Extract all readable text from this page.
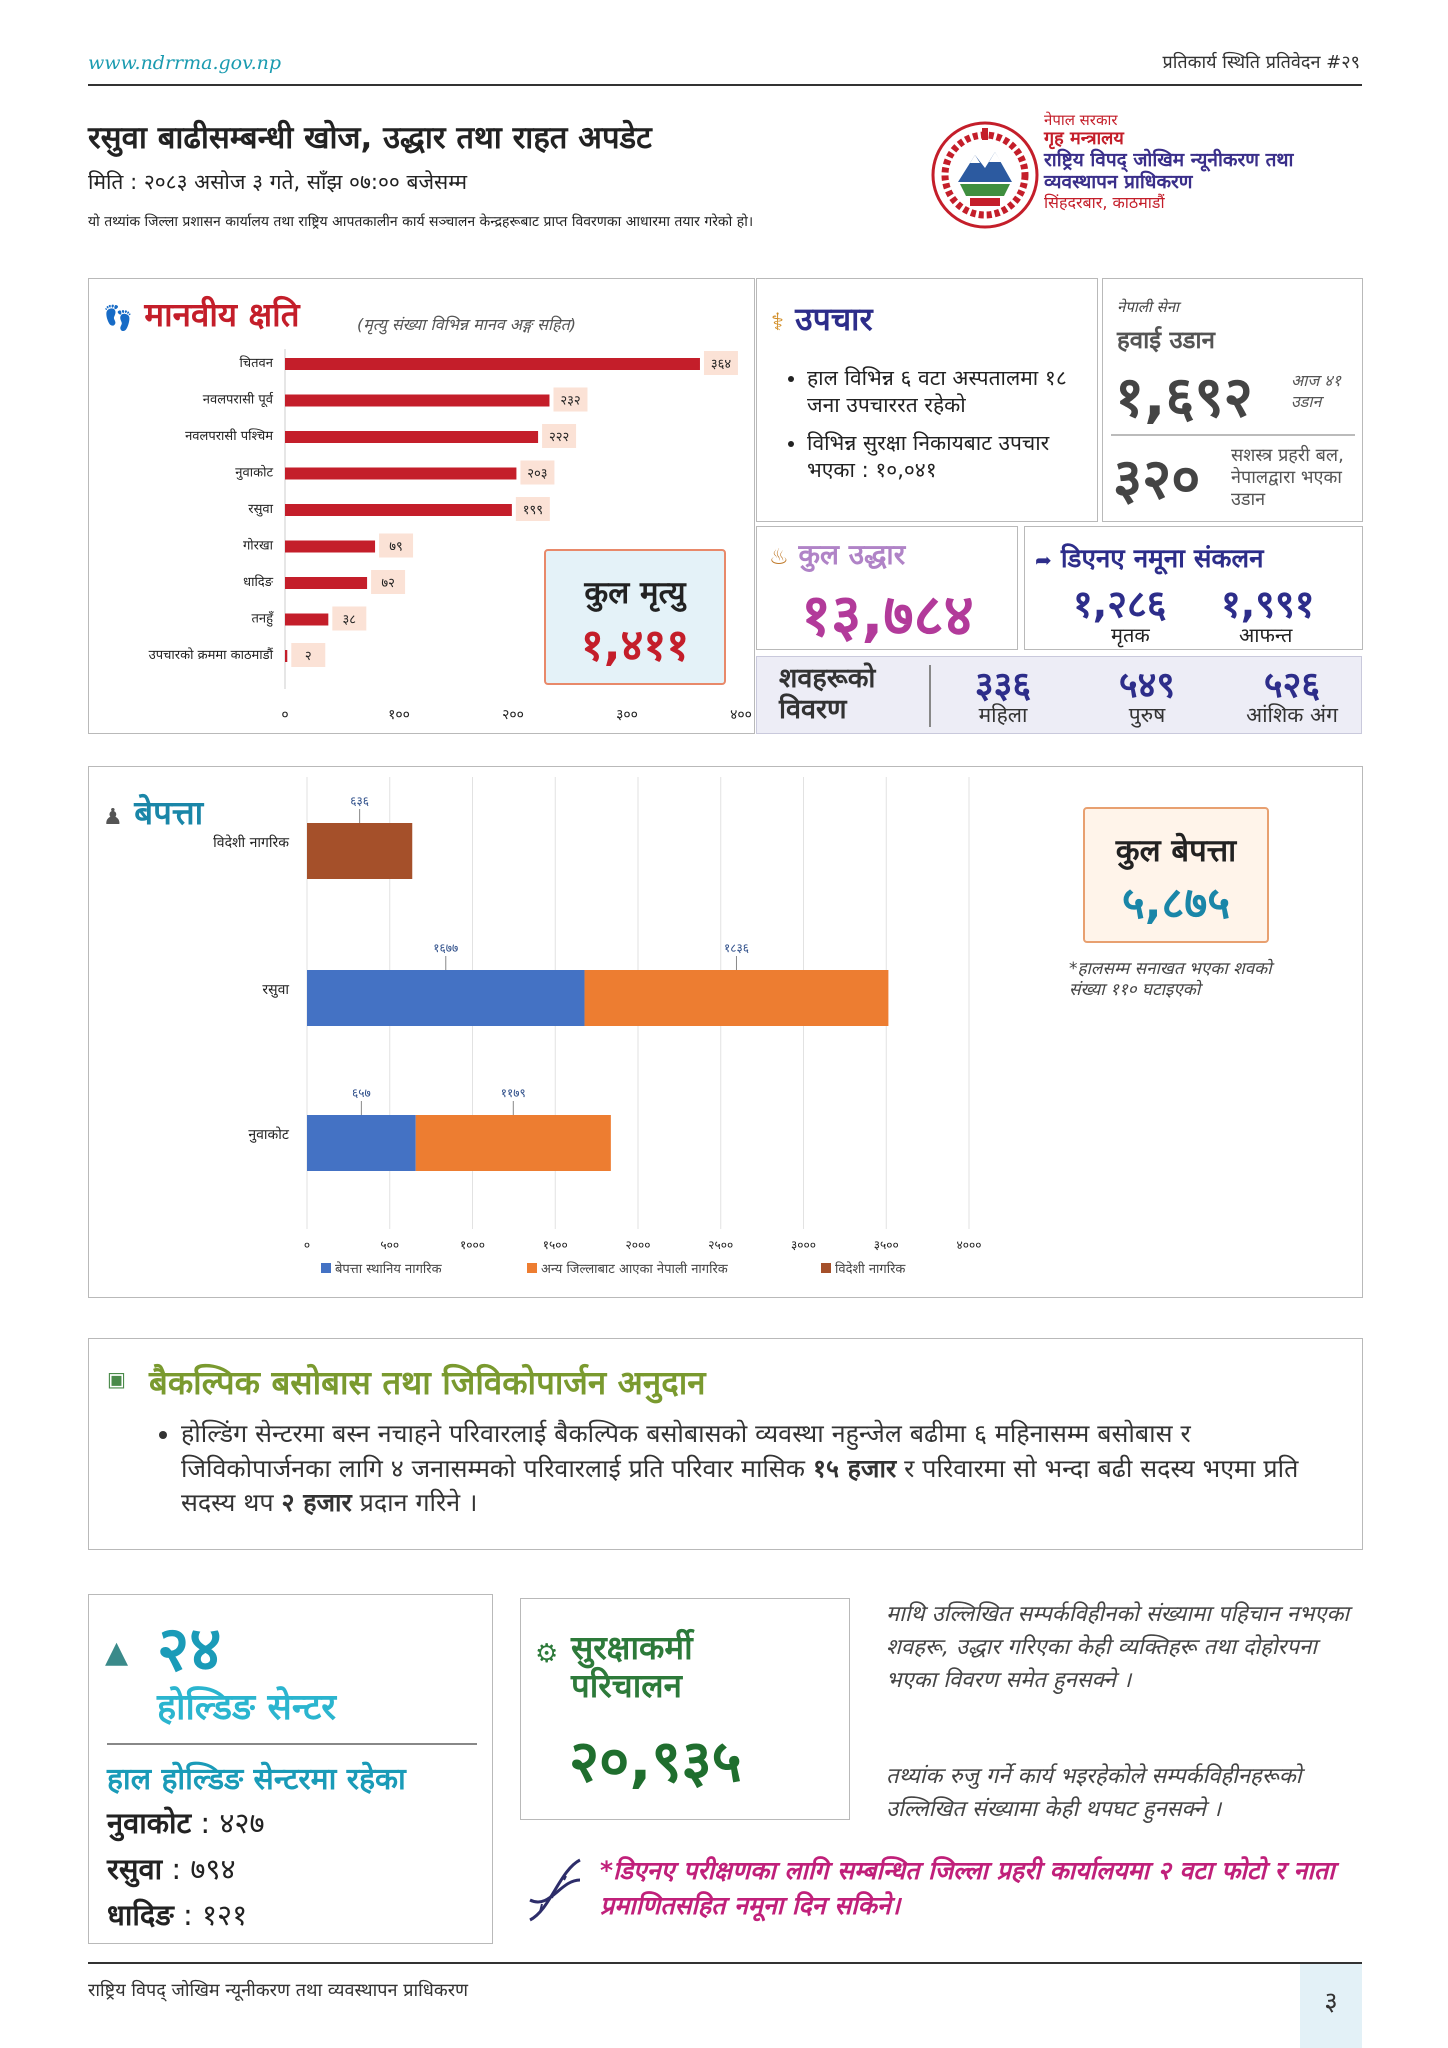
www.ndrrma.gov.np	प्रतिकार्य स्थिति प्रतिवेदन #२९
रसुवा बाढीसम्बन्धी खोज, उद्धार तथा राहत अपडेट
मिति : २०८३ असोज ३ गते, साँझ ०७:०० बजेसम्म
यो तथ्यांक जिल्ला प्रशासन कार्यालय तथा राष्ट्रिय आपतकालीन कार्य सञ्चालन केन्द्रहरूबाट प्राप्त विवरणका आधारमा तयार गरेको हो।
नेपाल सरकार
गृह मन्त्रालय
राष्ट्रिय विपद् जोखिम न्यूनीकरण तथा
व्यवस्थापन प्राधिकरण
सिंहदरबार, काठमाडौं
👣 मानवीय क्षति	(मृत्यु संख्या विभिन्न मानव अङ्ग सहित)
चितवन	३६४
नवलपरासी पूर्व	२३२
नवलपरासी पश्चिम	२२२
नुवाकोट	२०३
रसुवा	१९९
गोरखा	७९
धादिङ	७२
तनहुँ	३८
उपचारको क्रममा काठमाडौं २
०	१००	२००	३००	४००
कुल मृत्यु
१,४११
⚕ उपचार
• हाल विभिन्न ६ वटा अस्पतालमा १८ जना उपचाररत रहेको
• विभिन्न सुरक्षा निकायबाट उपचार भएका : १०,०४१
नेपाली सेना
हवाई उडान
१,६९२ आज ४१ उडान
३२० सशस्त्र प्रहरी बल, नेपालद्वारा भएका उडान
♨ कुल उद्धार
१३,७८४
➦ डिएनए नमूना संकलन
१,२८६
मृतक
१,९९१
आफन्त
शवहरूको
विवरण
३३६
महिला
५४९
पुरुष
५२६
आंशिक अंग
०	५००	१०००	१५००	२०००	२५००	३०००	३५००	४०००
विदेशी नागरिक
६३६
रसुवा
१६७७	१८३६
नुवाकोट
६५७	११७९
बेपत्ता स्थानिय नागरिक	अन्य जिल्लाबाट आएका नेपाली नागरिक	विदेशी नागरिक
♟ बेपत्ता
कुल बेपत्ता
५,८७५
*हालसम्म सनाखत भएका शवको संख्या ११० घटाइएको
▣ बैकल्पिक बसोबास तथा जिविकोपार्जन अनुदान
• होल्डिंग सेन्टरमा बस्न नचाहने परिवारलाई बैकल्पिक बसोबासको व्यवस्था नहुन्जेल बढीमा ६ महिनासम्म बसोबास र जिविकोपार्जनका लागि ४ जनासम्मको परिवारलाई प्रति परिवार मासिक १५ हजार र परिवारमा सो भन्दा बढी सदस्य भएमा प्रति सदस्य थप २ हजार प्रदान गरिने ।
▲ २४
होल्डिङ सेन्टर
हाल होल्डिङ सेन्टरमा रहेका
नुवाकोट : ४२७
रसुवा : ७९४
धादिङ : १२१
⚙ सुरक्षाकर्मी
परिचालन
२०,९३५
माथि उल्लिखित सम्पर्कविहीनको संख्यामा पहिचान नभएका शवहरू, उद्धार गरिएका केही व्यक्तिहरू तथा दोहोरपना भएका विवरण समेत हुनसक्ने ।
तथ्यांक रुजु गर्ने कार्य भइरहेकोले सम्पर्कविहीनहरूको उल्लिखित संख्यामा केही थपघट हुनसक्ने ।
*डिएनए परीक्षणका लागि सम्बन्धित जिल्ला प्रहरी कार्यालयमा २ वटा फोटो र नाता प्रमाणितसहित नमूना दिन सकिने।
राष्ट्रिय विपद् जोखिम न्यूनीकरण तथा व्यवस्थापन प्राधिकरण	३
